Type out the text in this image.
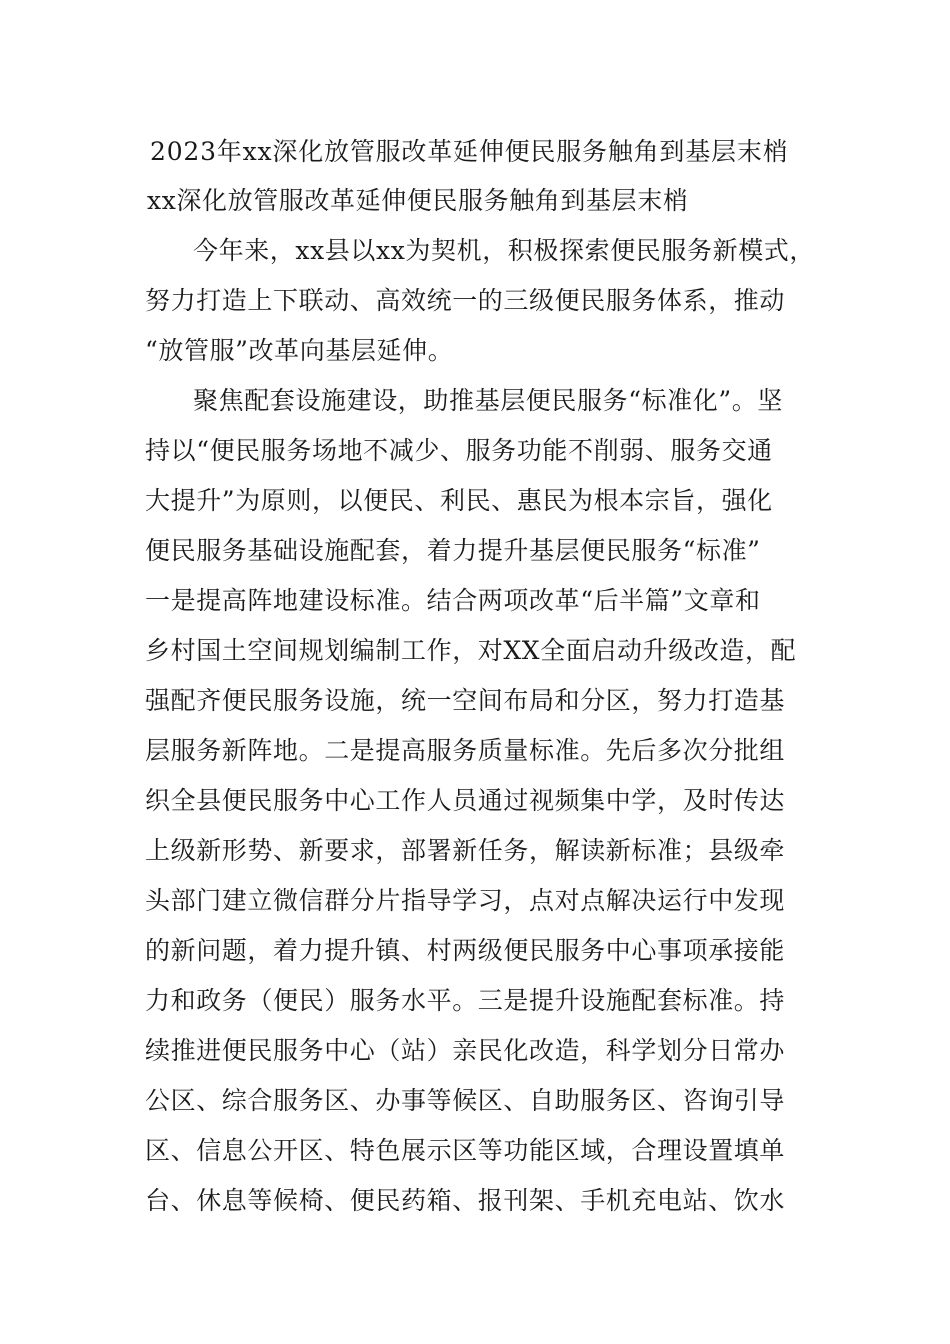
2023年xx深化放管服改革延伸便民服务触角到基层末梢
xx深化放管服改革延伸便民服务触角到基层末梢
今年来，xx县以xx为契机，积极探索便民服务新模式，
努力打造上下联动、高效统一的三级便民服务体系，推动
“放管服”改革向基层延伸。
聚焦配套设施建设，助推基层便民服务“标准化”。坚
持以“便民服务场地不减少、服务功能不削弱、服务交通
大提升”为原则，以便民、利民、惠民为根本宗旨，强化
便民服务基础设施配套，着力提升基层便民服务“标准”
一是提高阵地建设标准。结合两项改革“后半篇”文章和
乡村国土空间规划编制工作，对XX全面启动升级改造，配
强配齐便民服务设施，统一空间布局和分区，努力打造基
层服务新阵地。二是提高服务质量标准。先后多次分批组
织全县便民服务中心工作人员通过视频集中学，及时传达
上级新形势、新要求，部署新任务，解读新标准；县级牵
头部门建立微信群分片指导学习，点对点解决运行中发现
的新问题，着力提升镇、村两级便民服务中心事项承接能
力和政务（便民）服务水平。三是提升设施配套标准。持
续推进便民服务中心（站）亲民化改造，科学划分日常办
公区、综合服务区、办事等候区、自助服务区、咨询引导
区、信息公开区、特色展示区等功能区域，合理设置填单
台、休息等候椅、便民药箱、报刊架、手机充电站、饮水
